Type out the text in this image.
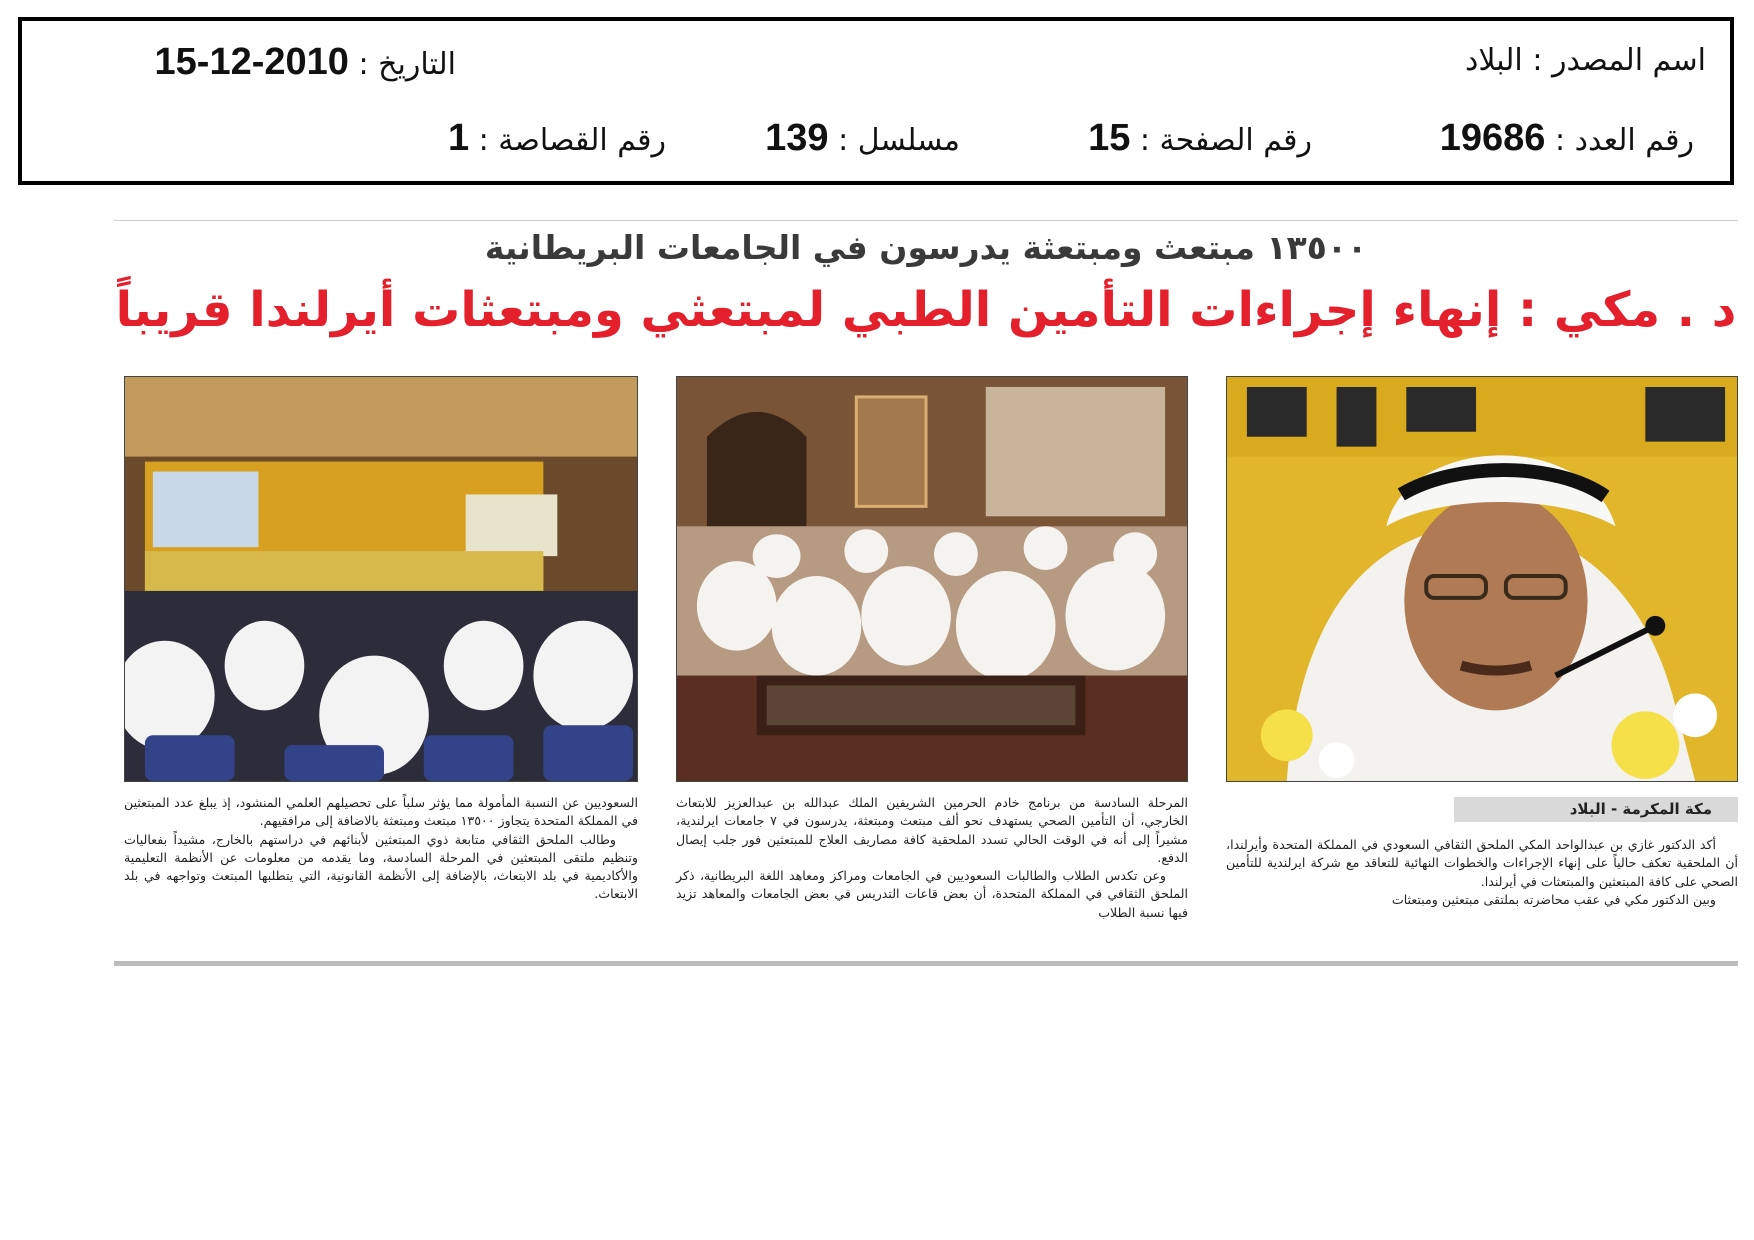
اسم المصدر : البلاد
التاريخ : 2010-12-15
رقم العدد : 19686
رقم الصفحة : 15
مسلسل : 139
رقم القصاصة : 1
١٣٥٠٠ مبتعث ومبتعثة يدرسون في الجامعات البريطانية
د . مكي : إنهاء إجراءات التأمين الطبي لمبتعثي ومبتعثات أيرلندا قريباً
مكة المكرمة - البلاد

أكد الدكتور غازي بن عبدالواحد المكي الملحق الثقافي السعودي في المملكة المتحدة وأيرلندا، أن الملحقية تعكف حالياً على إنهاء الإجراءات والخطوات النهائية للتعاقد مع شركة ايرلندية للتأمين الصحي على كافة المبتعثين والمبتعثات في أيرلندا.

وبين الدكتور مكي في عقب محاضرته بملتقى مبتعثين ومبتعثات

المرحلة السادسة من برنامج خادم الحرمين الشريفين الملك عبدالله بن عبدالعزيز للابتعاث الخارجي، أن التأمين الصحي يستهدف نحو ألف مبتعث ومبتعثة، يدرسون في ٧ جامعات ايرلندية، مشيراً إلى أنه في الوقت الحالي تسدد الملحقية كافة مصاريف العلاج للمبتعثين فور جلب إيصال الدفع.

وعن تكدس الطلاب والطالبات السعوديين في الجامعات ومراكز ومعاهد اللغة البريطانية، ذكر الملحق الثقافي في المملكة المتحدة، أن بعض قاعات التدريس في بعض الجامعات والمعاهد تزيد فيها نسبة الطلاب

السعوديين عن النسبة المأمولة مما يؤثر سلباً على تحصيلهم العلمي المنشود، إذ يبلغ عدد المبتعثين في المملكة المتحدة يتجاوز ١٣٥٠٠ مبتعث ومبتعثة بالاضافة إلى مرافقيهم.

وطالب الملحق الثقافي متابعة ذوي المبتعثين لأبنائهم في دراستهم بالخارج، مشيداً بفعاليات وتنظيم ملتقى المبتعثين في المرحلة السادسة، وما يقدمه من معلومات عن الأنظمة التعليمية والأكاديمية في بلد الابتعاث، بالإضافة إلى الأنظمة القانونية، التي يتطلبها المبتعث وتواجهه في بلد الابتعاث.
